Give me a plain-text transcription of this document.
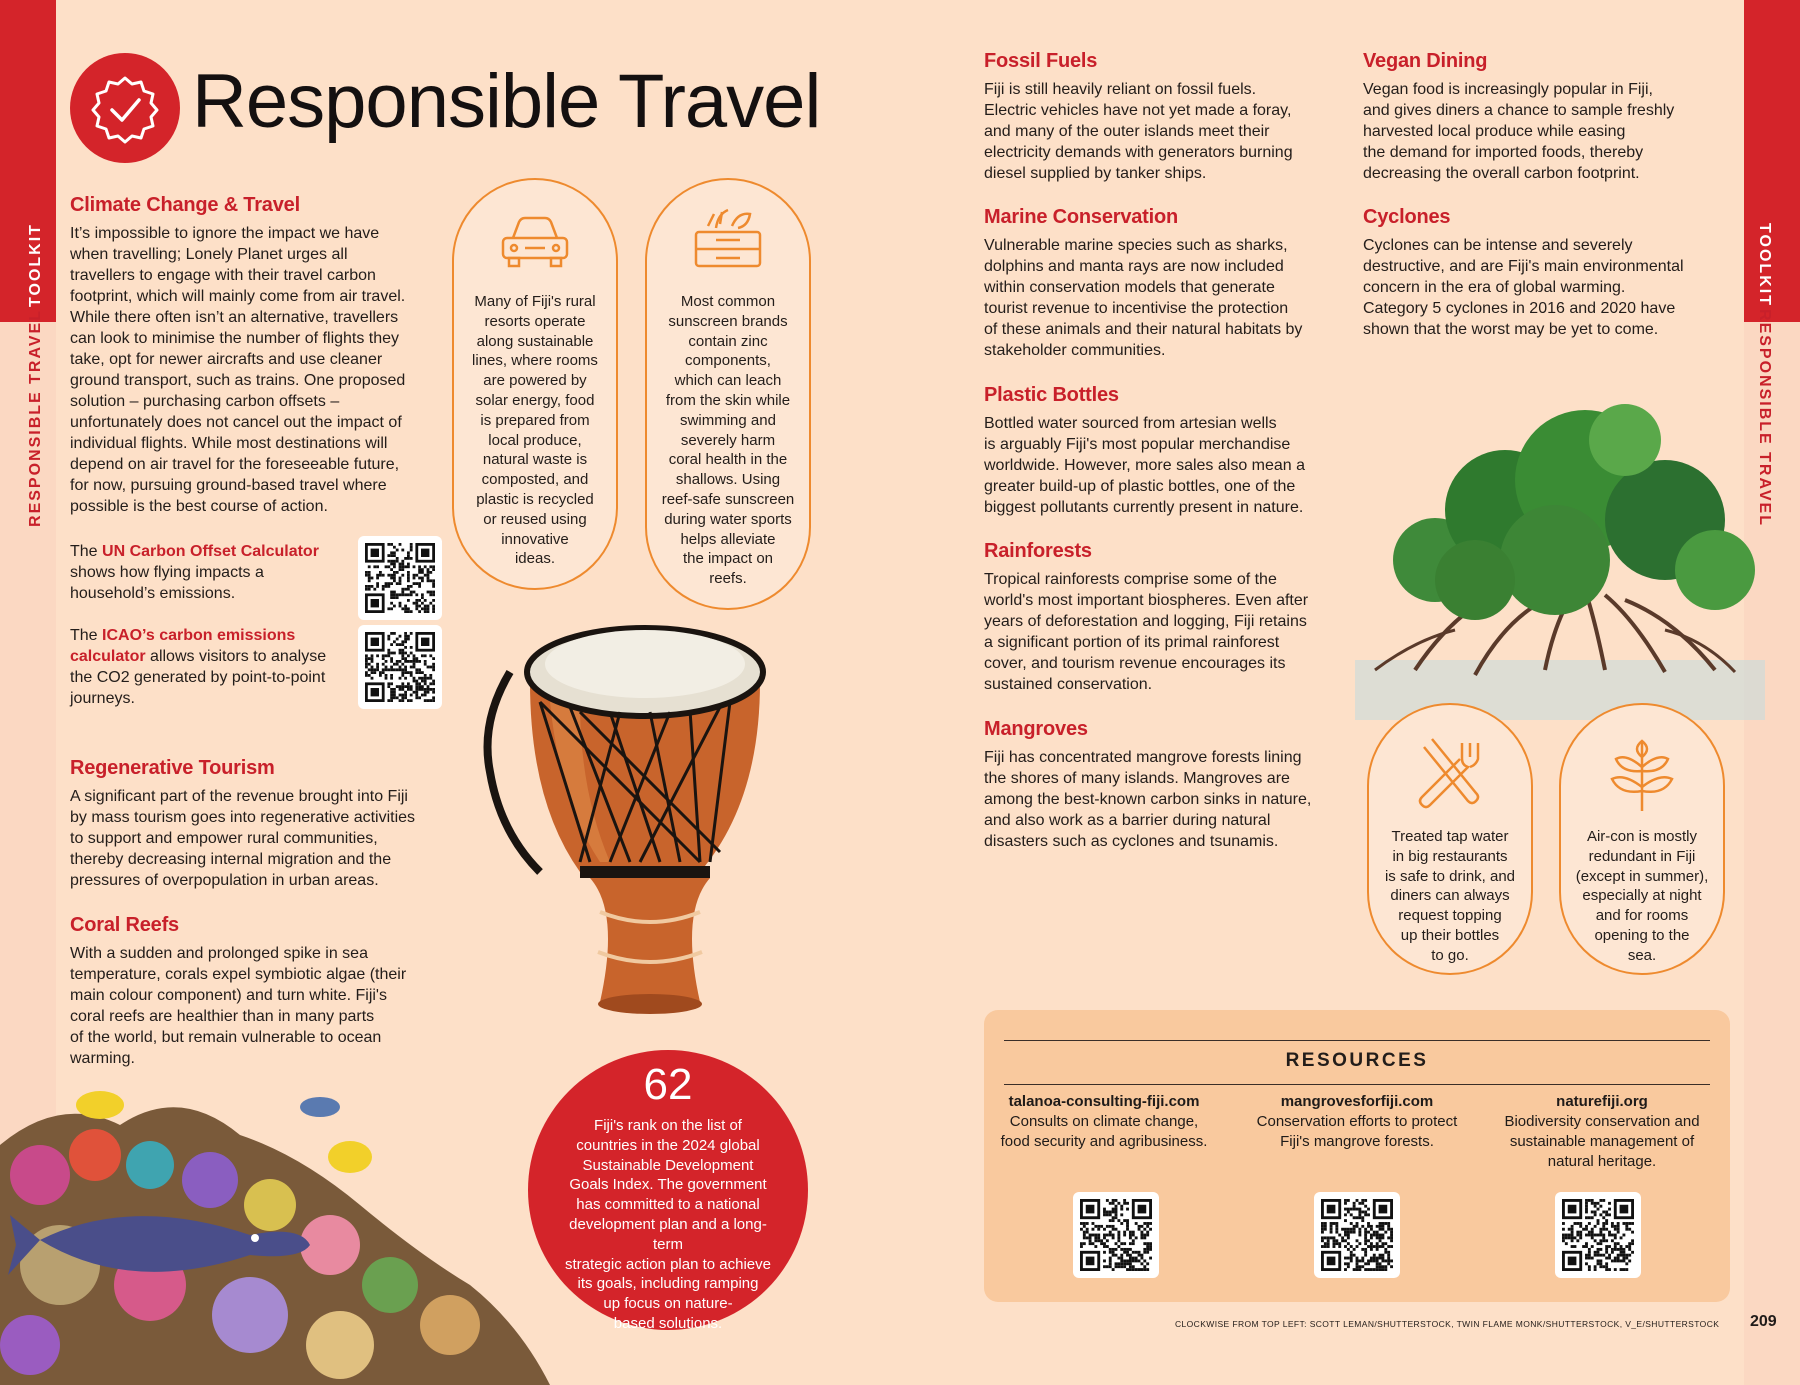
TOOLKIT
RESPONSIBLE TRAVEL
TOOLKIT
RESPONSIBLE TRAVEL
Responsible Travel
Climate Change & Travel
It’s impossible to ignore the impact we have
when travelling; Lonely Planet urges all
travellers to engage with their travel carbon
footprint, which will mainly come from air travel.
While there often isn’t an alternative, travellers
can look to minimise the number of flights they
take, opt for newer aircrafts and use cleaner
ground transport, such as trains. One proposed
solution – purchasing carbon offsets –
unfortunately does not cancel out the impact of
individual flights. While most destinations will
depend on air travel for the foreseeable future,
for now, pursuing ground-based travel where
possible is the best course of action.
The UN Carbon Offset Calculator
shows how flying impacts a
household’s emissions.
The ICAO’s carbon emissions
calculator allows visitors to analyse
the CO2 generated by point-to-point
journeys.
Regenerative Tourism
A significant part of the revenue brought into Fiji
by mass tourism goes into regenerative activities
to support and empower rural communities,
thereby decreasing internal migration and the
pressures of overpopulation in urban areas.
Coral Reefs
With a sudden and prolonged spike in sea
temperature, corals expel symbiotic algae (their
main colour component) and turn white. Fiji's
coral reefs are healthier than in many parts
of the world, but remain vulnerable to ocean
warming.
Many of Fiji's rural
resorts operate
along sustainable
lines, where rooms
are powered by
solar energy, food
is prepared from
local produce,
natural waste is
composted, and
plastic is recycled
or reused using
innovative
ideas.
Most common
sunscreen brands
contain zinc
components,
which can leach
from the skin while
swimming and
severely harm
coral health in the
shallows. Using
reef-safe sunscreen
during water sports
helps alleviate
the impact on
reefs.
62
Fiji's rank on the list of
countries in the 2024 global
Sustainable Development
Goals Index. The government
has committed to a national
development plan and a long-term
strategic action plan to achieve
its goals, including ramping
up focus on nature-
based solutions.
Fossil Fuels
Fiji is still heavily reliant on fossil fuels.
Electric vehicles have not yet made a foray,
and many of the outer islands meet their
electricity demands with generators burning
diesel supplied by tanker ships.
Marine Conservation
Vulnerable marine species such as sharks,
dolphins and manta rays are now included
within conservation models that generate
tourist revenue to incentivise the protection
of these animals and their natural habitats by
stakeholder communities.
Plastic Bottles
Bottled water sourced from artesian wells
is arguably Fiji's most popular merchandise
worldwide. However, more sales also mean a
greater build-up of plastic bottles, one of the
biggest pollutants currently present in nature.
Rainforests
Tropical rainforests comprise some of the
world's most important biospheres. Even after
years of deforestation and logging, Fiji retains
a significant portion of its primal rainforest
cover, and tourism revenue encourages its
sustained conservation.
Mangroves
Fiji has concentrated mangrove forests lining
the shores of many islands. Mangroves are
among the best-known carbon sinks in nature,
and also work as a barrier during natural
disasters such as cyclones and tsunamis.
Vegan Dining
Vegan food is increasingly popular in Fiji,
and gives diners a chance to sample freshly
harvested local produce while easing
the demand for imported foods, thereby
decreasing the overall carbon footprint.
Cyclones
Cyclones can be intense and severely
destructive, and are Fiji's main environmental
concern in the era of global warming.
Category 5 cyclones in 2016 and 2020 have
shown that the worst may be yet to come.
Treated tap water
in big restaurants
is safe to drink, and
diners can always
request topping
up their bottles
to go.
Air-con is mostly
redundant in Fiji
(except in summer),
especially at night
and for rooms
opening to the
sea.
RESOURCES
talanoa-consulting-fiji.com
Consults on climate change,
food security and agribusiness.
mangrovesforfiji.com
Conservation efforts to protect
Fiji's mangrove forests.
naturefiji.org
Biodiversity conservation and
sustainable management of
natural heritage.
CLOCKWISE FROM TOP LEFT: SCOTT LEMAN/SHUTTERSTOCK, TWIN FLAME MONK/SHUTTERSTOCK, V_E/SHUTTERSTOCK 209
